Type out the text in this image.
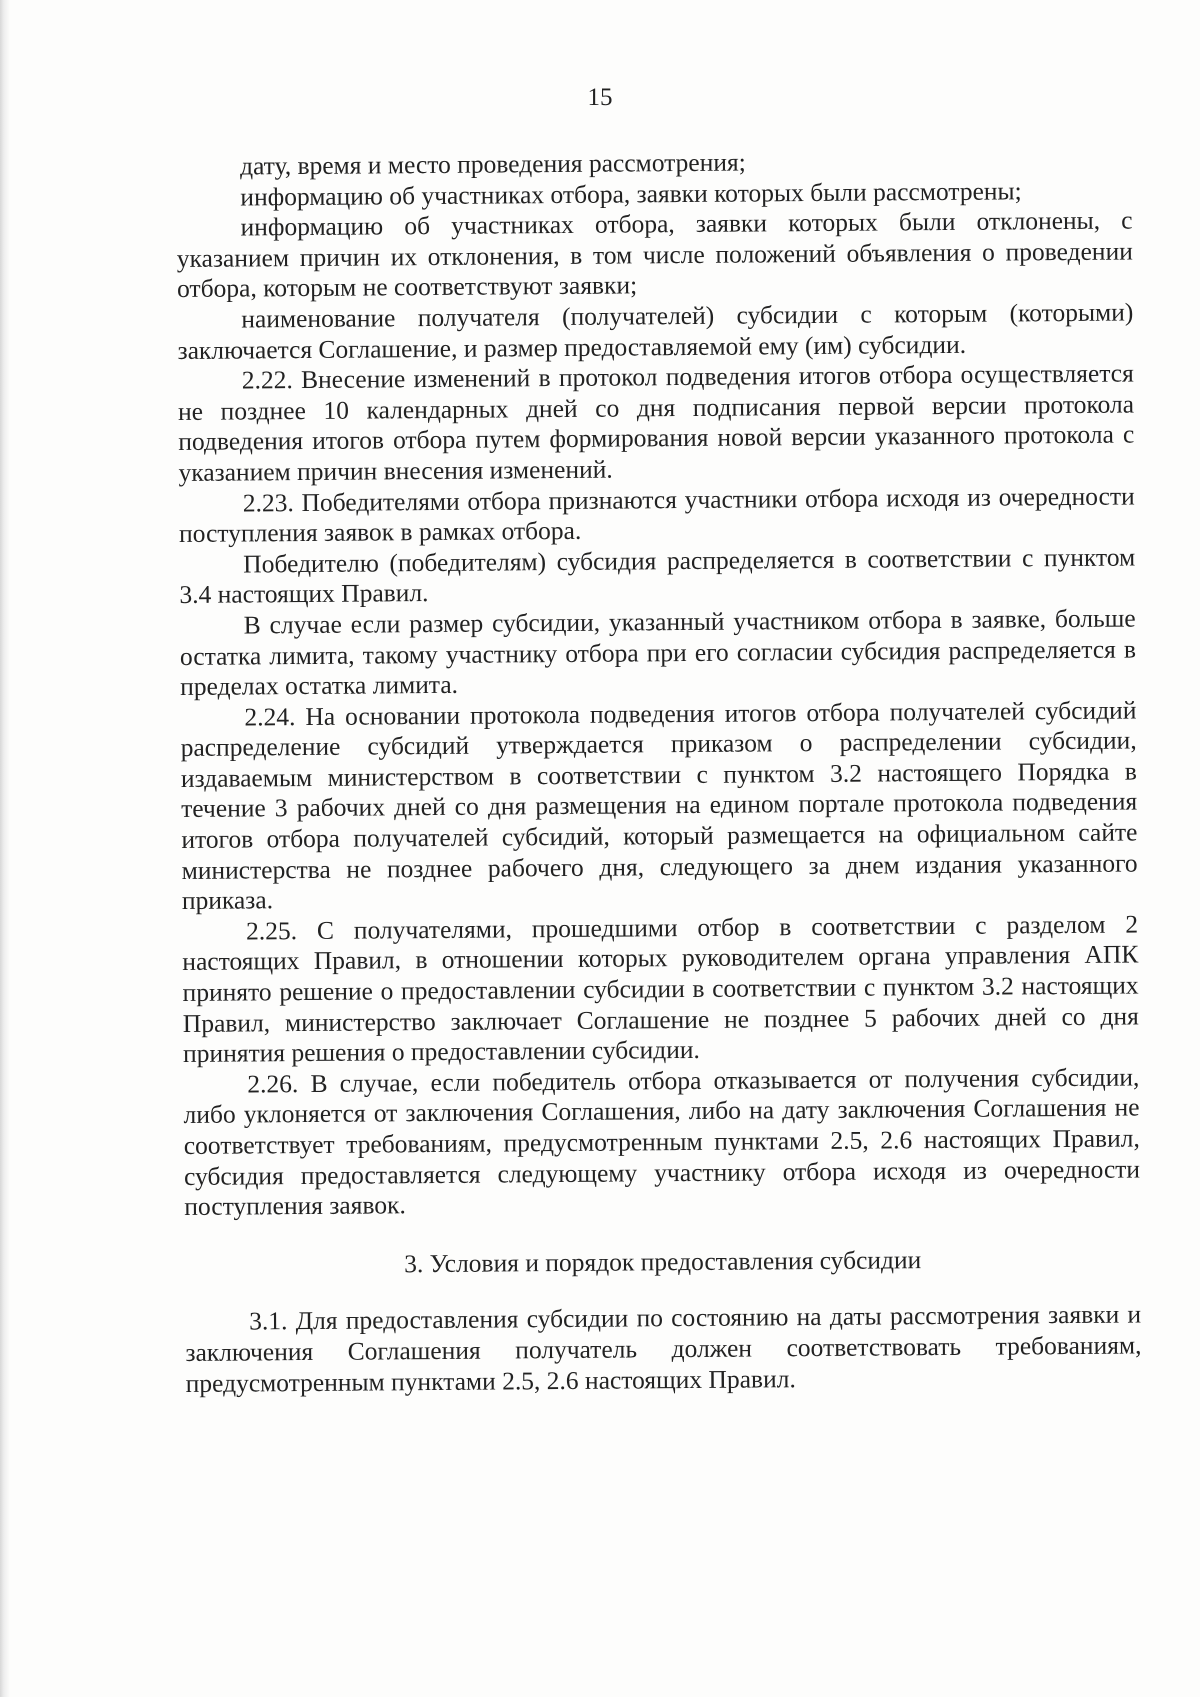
15

дату, время и место проведения рассмотрения;

информацию об участниках отбора, заявки которых были рассмотрены;

информацию об участниках отбора, заявки которых были отклонены, с указанием причин их отклонения, в том числе положений объявления о проведении отбора, которым не соответствуют заявки;

наименование получателя (получателей) субсидии с которым (которыми) заключается Соглашение, и размер предоставляемой ему (им) субсидии.

2.22. Внесение изменений в протокол подведения итогов отбора осуществляется не позднее 10 календарных дней со дня подписания первой версии протокола подведения итогов отбора путем формирования новой версии указанного протокола с указанием причин внесения изменений.

2.23. Победителями отбора признаются участники отбора исходя из очередности поступления заявок в рамках отбора.

Победителю (победителям) субсидия распределяется в соответствии с пунктом 3.4 настоящих Правил.

В случае если размер субсидии, указанный участником отбора в заявке, больше остатка лимита, такому участнику отбора при его согласии субсидия распределяется в пределах остатка лимита.

2.24. На основании протокола подведения итогов отбора получателей субсидий распределение субсидий утверждается приказом о распределении субсидии, издаваемым министерством в соответствии с пунктом 3.2 настоящего Порядка в течение 3 рабочих дней со дня размещения на едином портале протокола подведения итогов отбора получателей субсидий, который размещается на официальном сайте министерства не позднее рабочего дня, следующего за днем издания указанного приказа.

2.25. С получателями, прошедшими отбор в соответствии с разделом 2 настоящих Правил, в отношении которых руководителем органа управления АПК принято решение о предоставлении субсидии в соответствии с пунктом 3.2 настоящих Правил, министерство заключает Соглашение не позднее 5 рабочих дней со дня принятия решения о предоставлении субсидии.

2.26. В случае, если победитель отбора отказывается от получения субсидии, либо уклоняется от заключения Соглашения, либо на дату заключения Соглашения не соответствует требованиям, предусмотренным пунктами 2.5, 2.6 настоящих Правил, субсидия предоставляется следующему участнику отбора исходя из очередности поступления заявок.

3. Условия и порядок предоставления субсидии

3.1. Для предоставления субсидии по состоянию на даты рассмотрения заявки и заключения Соглашения получатель должен соответствовать требованиям, предусмотренным пунктами 2.5, 2.6 настоящих Правил.
